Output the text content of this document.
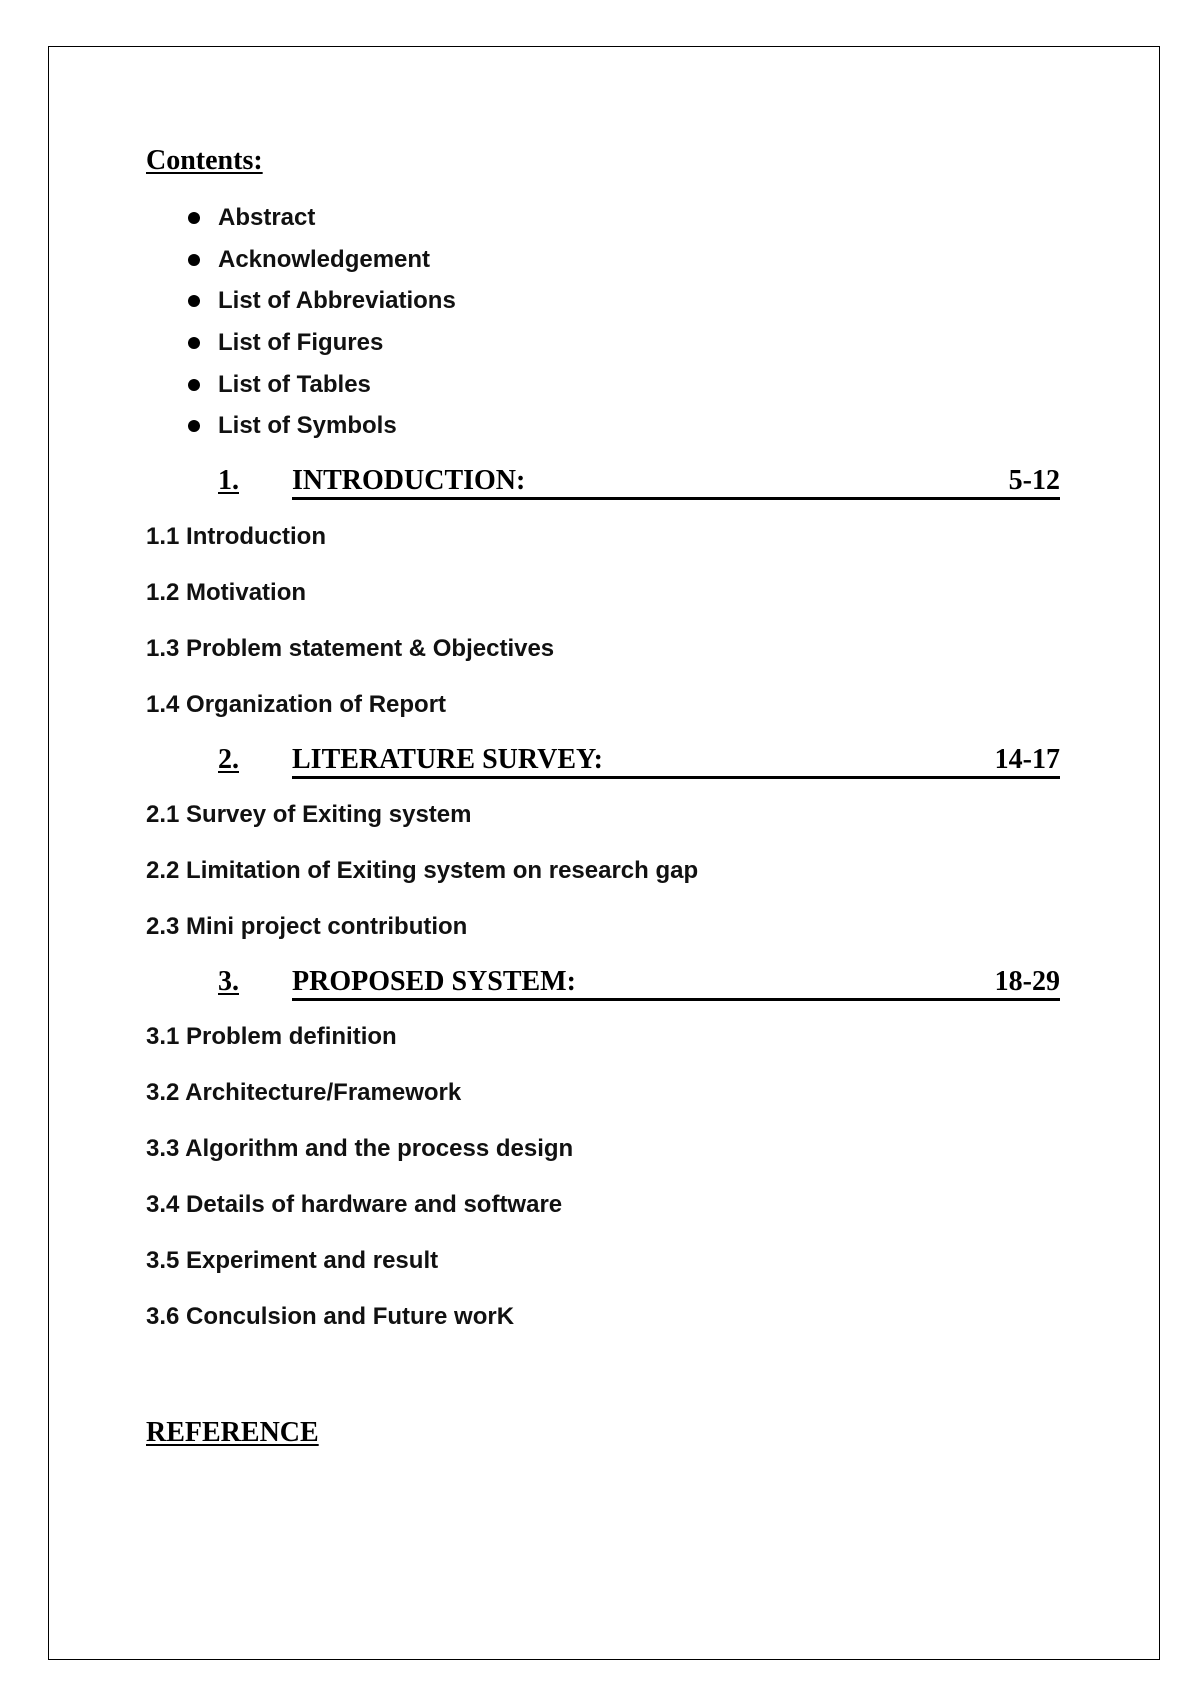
Contents:
Abstract
Acknowledgement
List of Abbreviations
List of Figures
List of Tables
List of Symbols
1. INTRODUCTION:	5-12
1.1 Introduction
1.2 Motivation
1.3 Problem statement & Objectives
1.4 Organization of Report
2. LITERATURE SURVEY:	14-17
2.1 Survey of Exiting system
2.2 Limitation of Exiting system on research gap
2.3 Mini project contribution
3. PROPOSED SYSTEM:	18-29
3.1 Problem definition
3.2 Architecture/Framework
3.3 Algorithm and the process design
3.4 Details of hardware and software
3.5 Experiment and result
3.6 Conculsion and Future worK
REFERENCE
